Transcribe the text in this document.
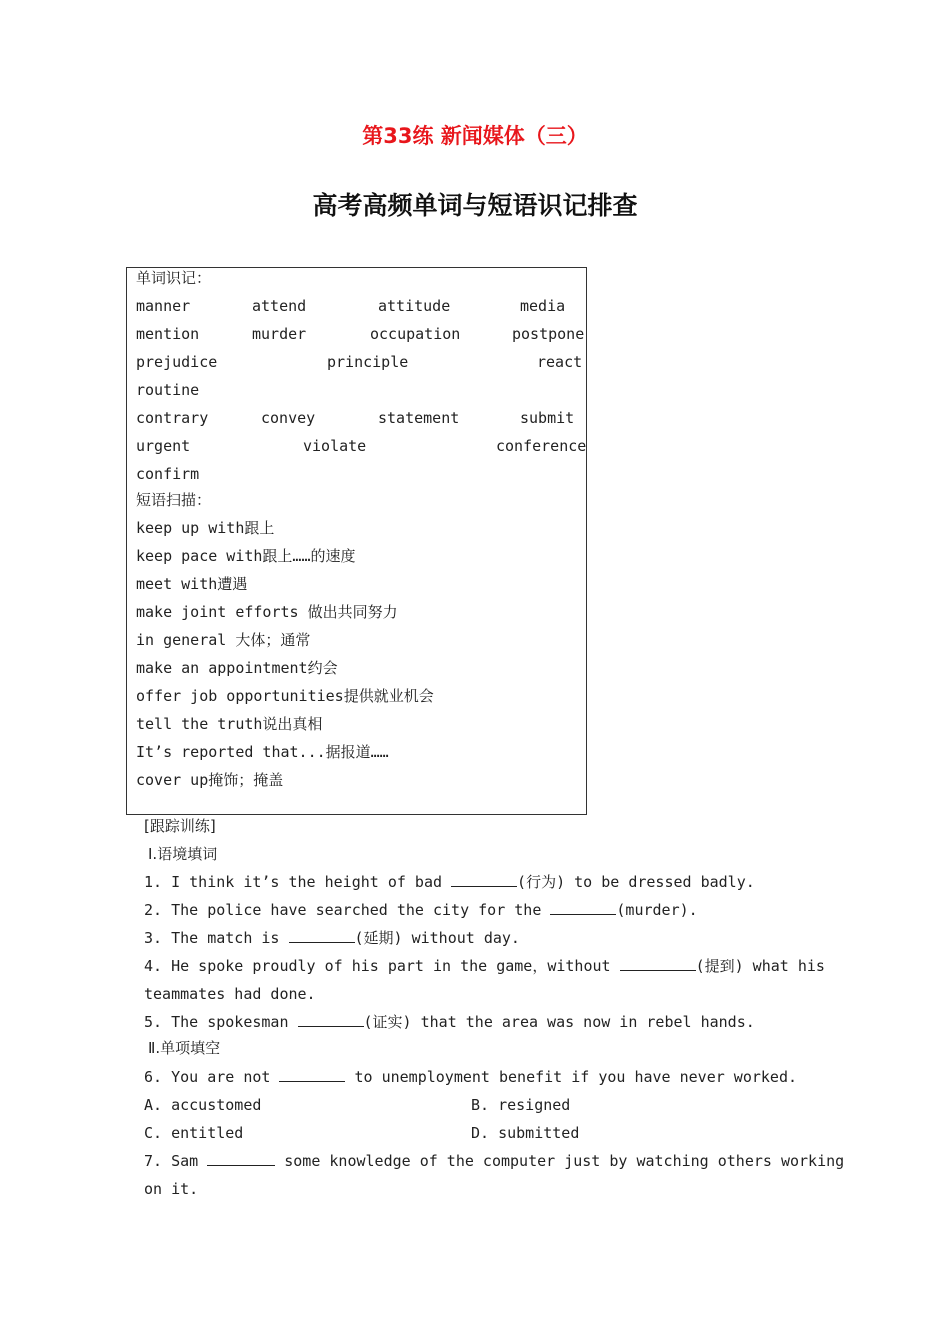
第33练 新闻媒体（三）
高考高频单词与短语识记排查
单词识记：
manner	attend	attitude	media
mention	murder	occupation	postpone
prejudice	principle	react
routine
contrary	convey	statement	submit
urgent	violate	conference
confirm
短语扫描：
keep up with跟上
keep pace with跟上……的速度
meet with遭遇
make joint efforts 做出共同努力
in general 大体；通常
make an appointment约会
offer job opportunities提供就业机会
tell the truth说出真相
It’s reported that...据报道……
cover up掩饰；掩盖
[跟踪训练]
Ⅰ.语境填词
1. I think it’s the height of bad	(行为) to be dressed badly.
2. The police have searched the city for the	(murder).
3. The match is	(延期) without day.
4. He spoke proudly of his part in the game，without	(提到) what his
teammates had done.
5. The spokesman	(证实) that the area was now in rebel hands.
Ⅱ.单项填空
6. You are not	to unemployment benefit if you have never worked.
A. accustomed	B. resigned
C. entitled	D. submitted
7. Sam	some knowledge of the computer just by watching others working
on it.
